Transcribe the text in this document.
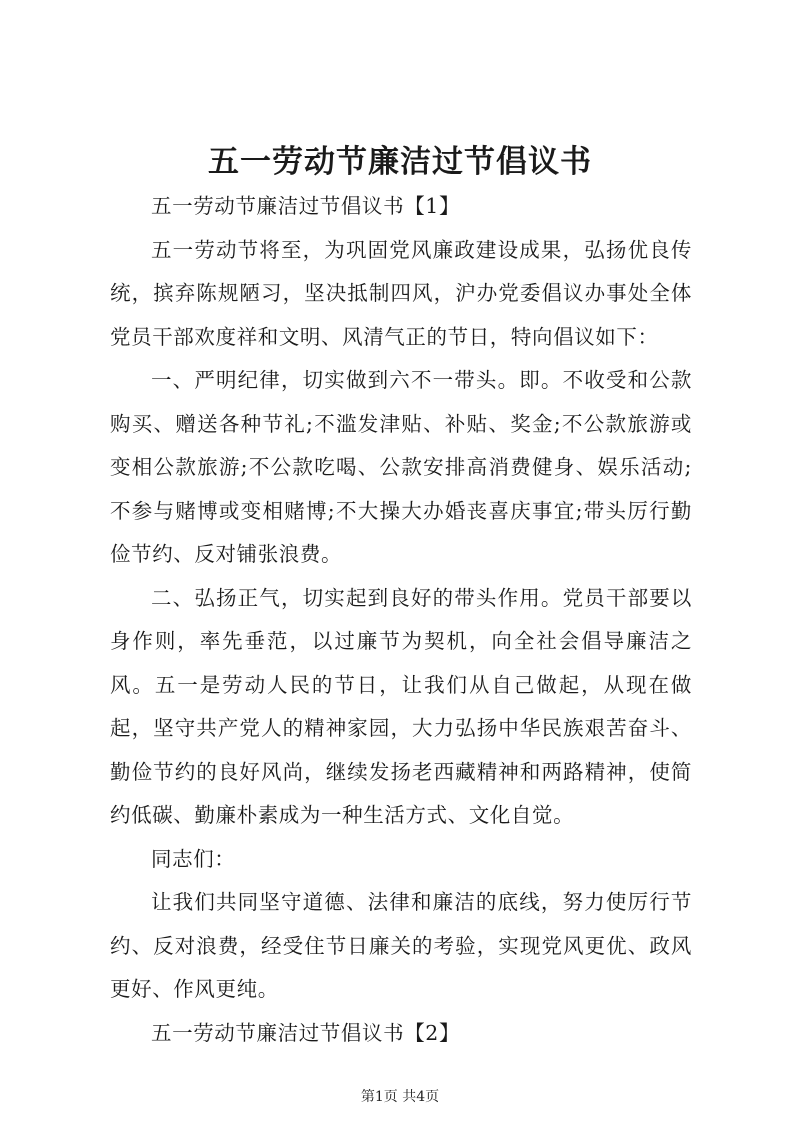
五一劳动节廉洁过节倡议书

五一劳动节廉洁过节倡议书【1】

五一劳动节将至，为巩固党风廉政建设成果，弘扬优良传统，摈弃陈规陋习，坚决抵制四风，沪办党委倡议办事处全体党员干部欢度祥和文明、风清气正的节日，特向倡议如下：

一、严明纪律，切实做到六不一带头。即。不收受和公款购买、赠送各种节礼;不滥发津贴、补贴、奖金;不公款旅游或变相公款旅游;不公款吃喝、公款安排高消费健身、娱乐活动;不参与赌博或变相赌博;不大操大办婚丧喜庆事宜;带头厉行勤俭节约、反对铺张浪费。

二、弘扬正气，切实起到良好的带头作用。党员干部要以身作则，率先垂范，以过廉节为契机，向全社会倡导廉洁之风。五一是劳动人民的节日，让我们从自己做起，从现在做起，坚守共产党人的精神家园，大力弘扬中华民族艰苦奋斗、勤俭节约的良好风尚，继续发扬老西藏精神和两路精神，使简约低碳、勤廉朴素成为一种生活方式、文化自觉。

同志们：

让我们共同坚守道德、法律和廉洁的底线，努力使厉行节约、反对浪费，经受住节日廉关的考验，实现党风更优、政风更好、作风更纯。

五一劳动节廉洁过节倡议书【2】

第1页 共4页
